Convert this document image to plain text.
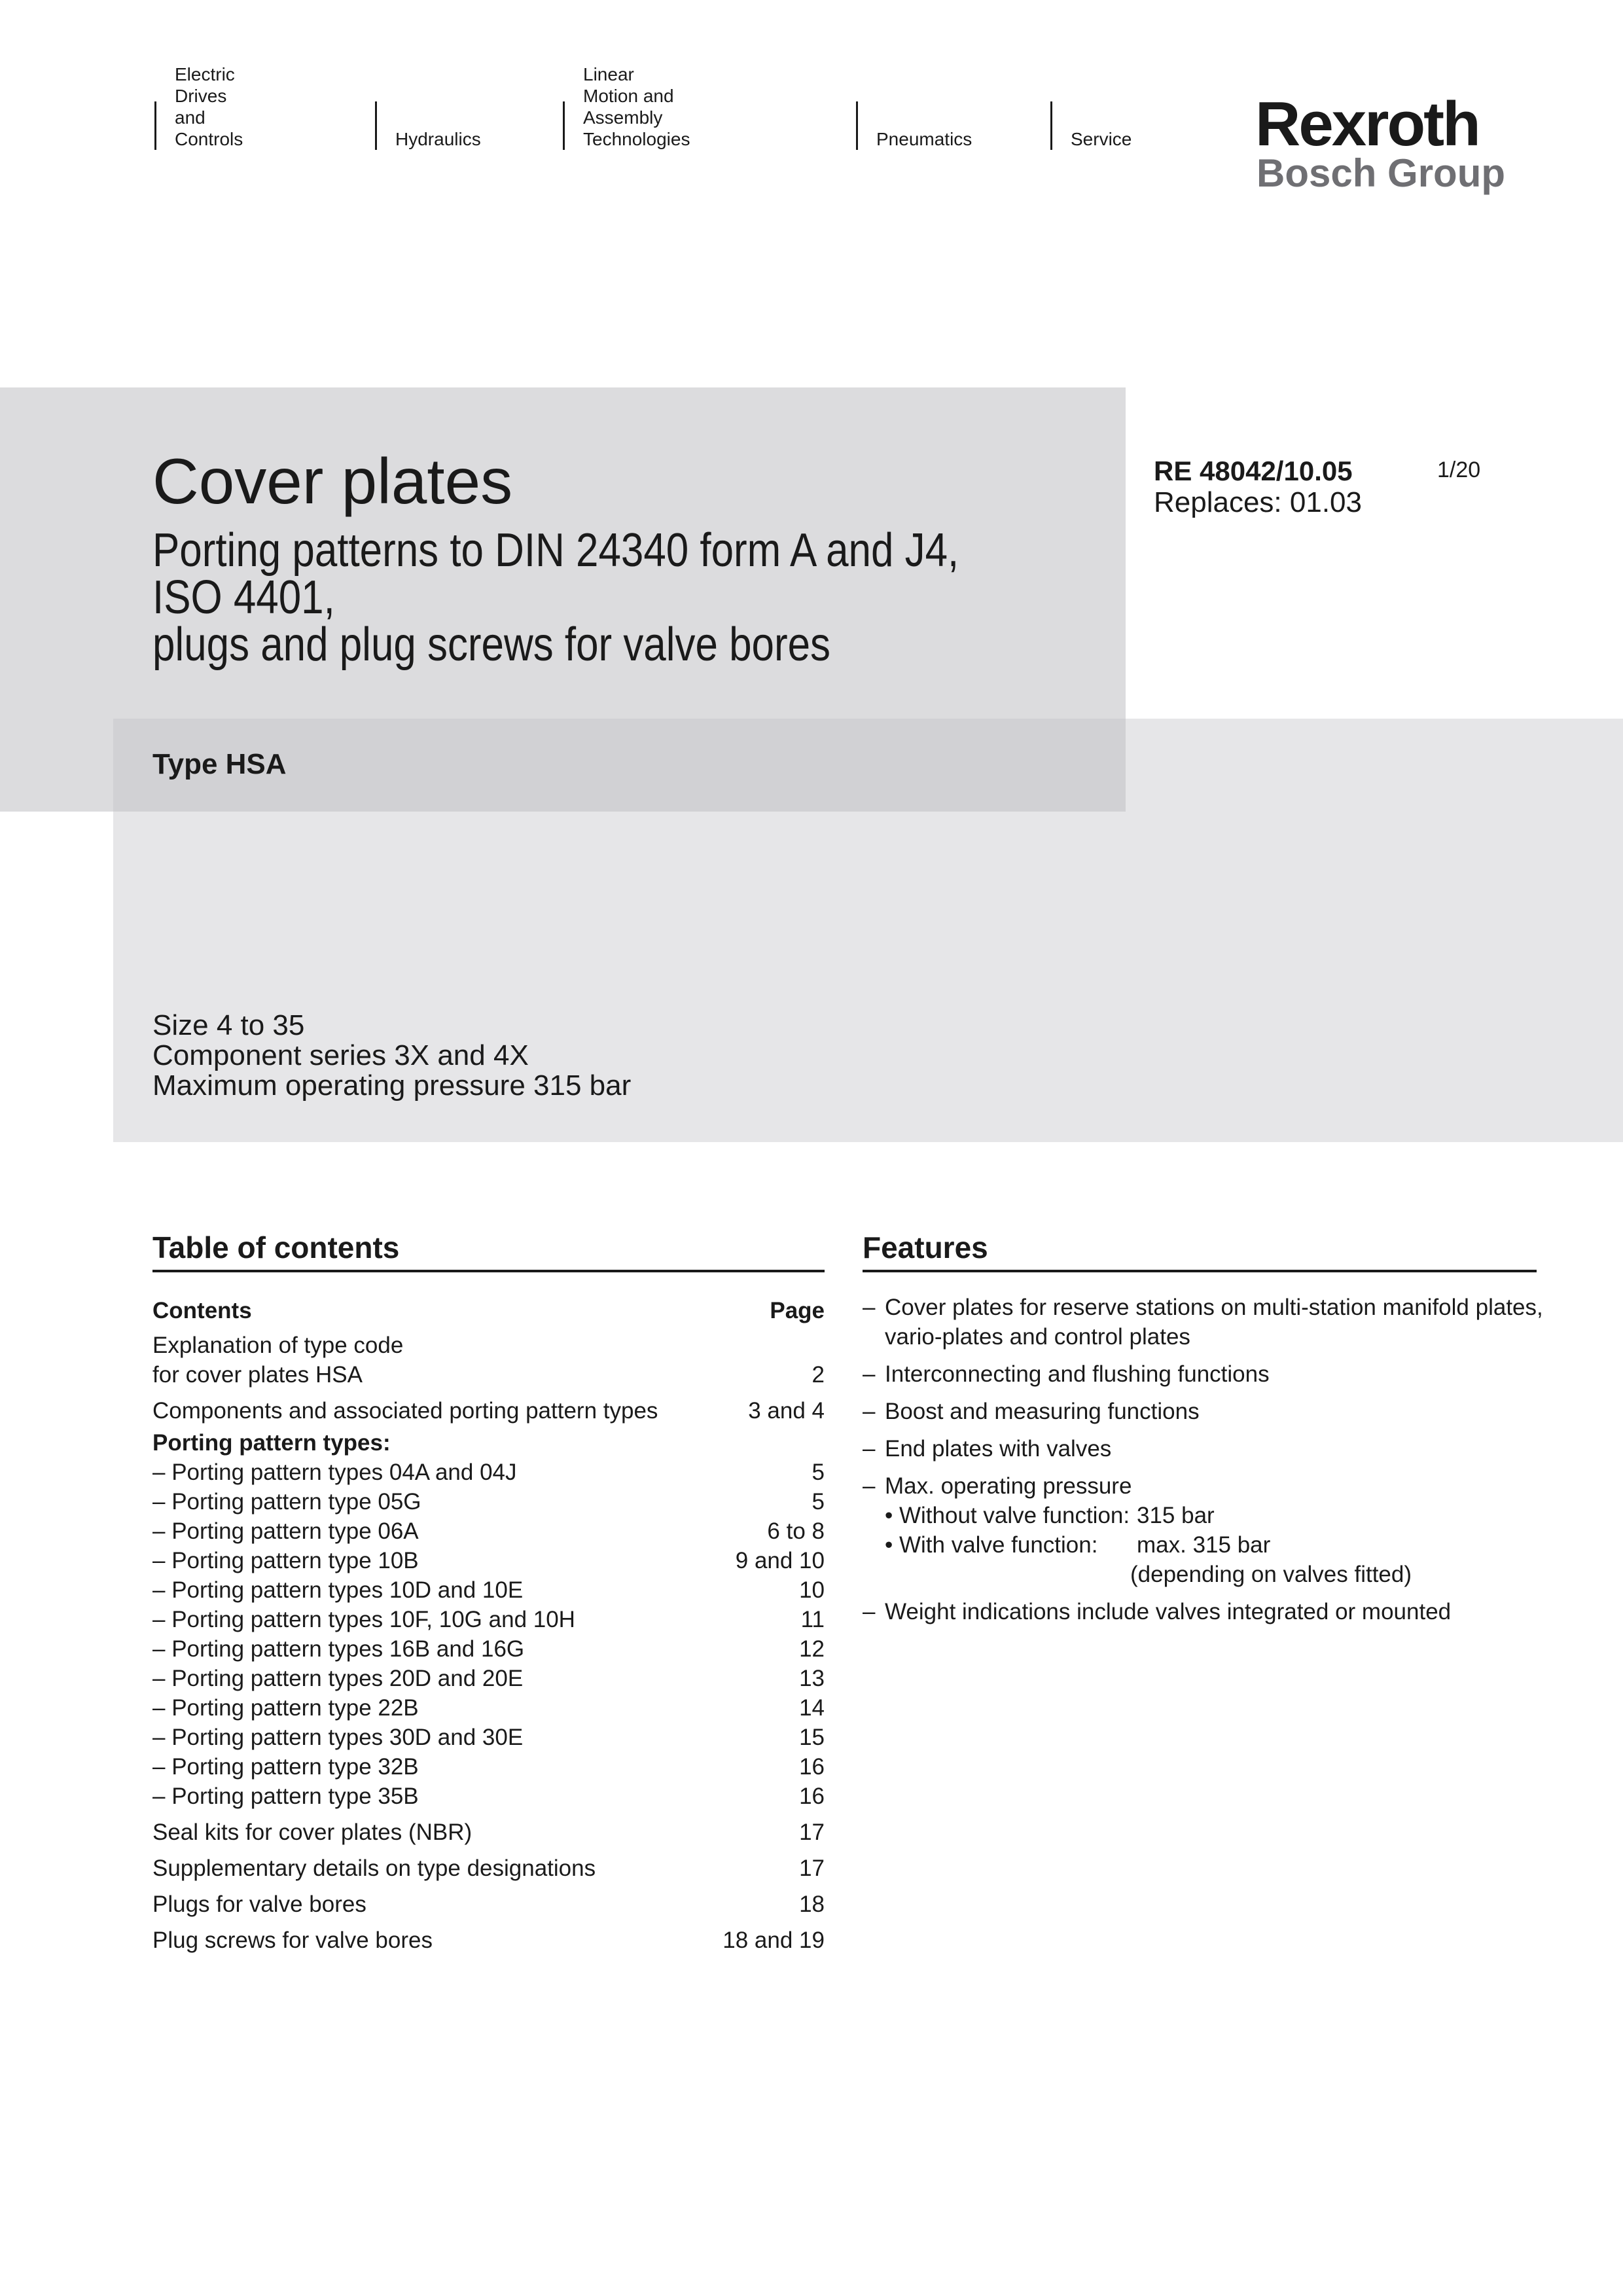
Electric Drives
and Controls	Hydraulics
Linear Motion and
Assembly Technologies	Pneumatics	Service Rexroth
Bosch Group
Cover plates
Porting patterns to DIN 24340 form A and J4,
ISO 4401,
plugs and plug screws for valve bores
Type HSA
RE 48042/10.05
Replaces: 01.03
1/20
Size 4 to 35
Component series 3X and 4X
Maximum operating pressure 315 bar
Table of contents
Contents	Page
Explanation of type code
for cover plates HSA	2
Components and associated porting pattern types	3 and 4
Porting pattern types:
– Porting pattern types 04A and 04J	5
– Porting pattern type 05G	5
– Porting pattern type 06A	6 to 8
– Porting pattern type 10B	9 and 10
– Porting pattern types 10D and 10E	10
– Porting pattern types 10F, 10G and 10H	11
– Porting pattern types 16B and 16G	12
– Porting pattern types 20D and 20E	13
– Porting pattern type 22B	14
– Porting pattern types 30D and 30E	15
– Porting pattern type 32B	16
– Porting pattern type 35B	16
Seal kits for cover plates (NBR)	17
Supplementary details on type designations	17
Plugs for valve bores	18
Plug screws for valve bores	18 and 19
Features
– Cover plates for reserve stations on multi-station manifold plates, vario-plates and control plates
– Interconnecting and flushing functions
– Boost and measuring functions
– End plates with valves
– Max. operating pressure
• Without valve function: 315 bar
• With valve function:	max. 315 bar
(depending on valves fitted)
– Weight indications include valves integrated or mounted
